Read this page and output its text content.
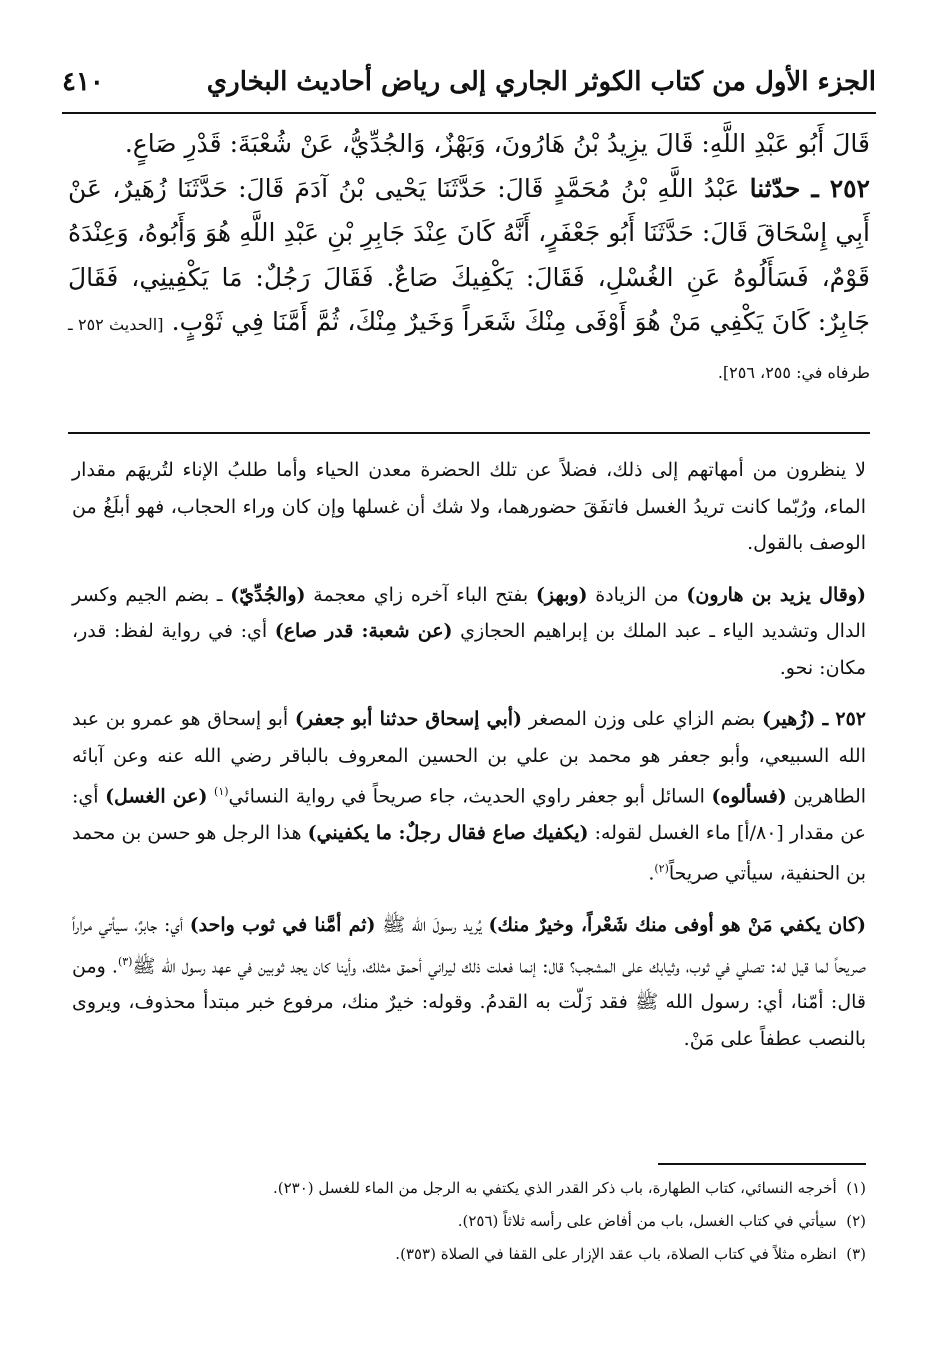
الجزء الأول من كتاب الكوثر الجاري إلى رياض أحاديث البخاري
٤١٠

قَالَ أَبُو عَبْدِ اللَّهِ: قَالَ يزِيدُ بْنُ هَارُونَ، وَبَهْزٌ، وَالجُدِّيُّ، عَنْ شُعْبَةَ: قَدْرِ صَاعٍ.

٢٥٢ ـ حدّثنا عَبْدُ اللَّهِ بْنُ مُحَمَّدٍ قَالَ: حَدَّثَنَا يَحْيى بْنُ آدَمَ قَالَ: حَدَّثَنَا زُهَيرٌ، عَنْ أَبِي إِسْحَاقَ قَالَ: حَدَّثَنَا أَبُو جَعْفَرٍ، أَنَّهُ كَانَ عِنْدَ جَابِرِ بْنِ عَبْدِ اللَّهِ هُوَ وَأَبُوهُ، وَعِنْدَهُ قَوْمٌ، فَسَأَلُوهُ عَنِ الغُسْلِ، فَقَالَ: يَكْفِيكَ صَاعٌ. فَقَالَ رَجُلٌ: مَا يَكْفِينِي، فَقَالَ جَابِرٌ: كَانَ يَكْفِي مَنْ هُوَ أَوْفَى مِنْكَ شَعَراً وَخَيرٌ مِنْكَ، ثُمَّ أَمَّنَا فِي ثَوْبٍ. [الحديث ٢٥٢ ـ طرفاه في: ٢٥٥، ٢٥٦].

لا ينظرون من أمهاتهم إلى ذلك، فضلاً عن تلك الحضرة معدن الحياء وأما طلبُ الإناء لتُريهَم مقدار الماء، ورُبّما كانت تريدُ الغسل فاتفَقَ حضورهما، ولا شك أن غسلها وإن كان وراء الحجاب، فهو أبلَغُ من الوصف بالقول.

(وقال يزيد بن هارون) من الزيادة (وبهز) بفتح الباء آخره زاي معجمة (والجُدِّيّ) ـ بضم الجيم وكسر الدال وتشديد الياء ـ عبد الملك بن إبراهيم الحجازي (عن شعبة: قدر صاع) أي: في رواية لفظ: قدر، مكان: نحو.

٢٥٢ ـ (زُهير) بضم الزاي على وزن المصغر (أبي إسحاق حدثنا أبو جعفر) أبو إسحاق هو عمرو بن عبد الله السبيعي، وأبو جعفر هو محمد بن علي بن الحسين المعروف بالباقر رضي الله عنه وعن آبائه الطاهرين (فسألوه) السائل أبو جعفر راوي الحديث، جاء صريحاً في رواية النسائي$^{(١)}$ (عن الغسل) أي: عن مقدار [٨٠/أ] ماء الغسل لقوله: (يكفيك صاع فقال رجلٌ: ما يكفيني) هذا الرجل هو حسن بن محمد بن الحنفية، سيأتي صريحاً$^{(٢)}$.

(كان يكفي مَنْ هو أوفى منك شَعْراً، وخيرٌ منك) يُريد رسولَ الله ﷺ (ثم أمَّنا في ثوب واحد) أي: جابرٌ، سيأتي مراراً صريحاً لما قيل له: تصلي في ثوب، وثيابك على المشجب؟ قال: إنما فعلت ذلك ليراني أحمق مثلك، وأينا كان يجد ثوبين في عهد رسول الله ﷺ$^{(٣)}$. ومن قال: أمّنا، أي: رسول الله ﷺ فقد زَلّت به القدمُ. وقوله: خيرٌ منك، مرفوع خبر مبتدأ محذوف، ويروى بالنصب عطفاً على مَنْ.

(١)  أخرجه النسائي، كتاب الطهارة، باب ذكر القدر الذي يكتفي به الرجل من الماء للغسل (٢٣٠).

(٢)  سيأتي في كتاب الغسل، باب من أفاض على رأسه ثلاثاً (٢٥٦).

(٣)  انظره مثلاً في كتاب الصلاة، باب عقد الإزار على القفا في الصلاة (٣٥٣).
